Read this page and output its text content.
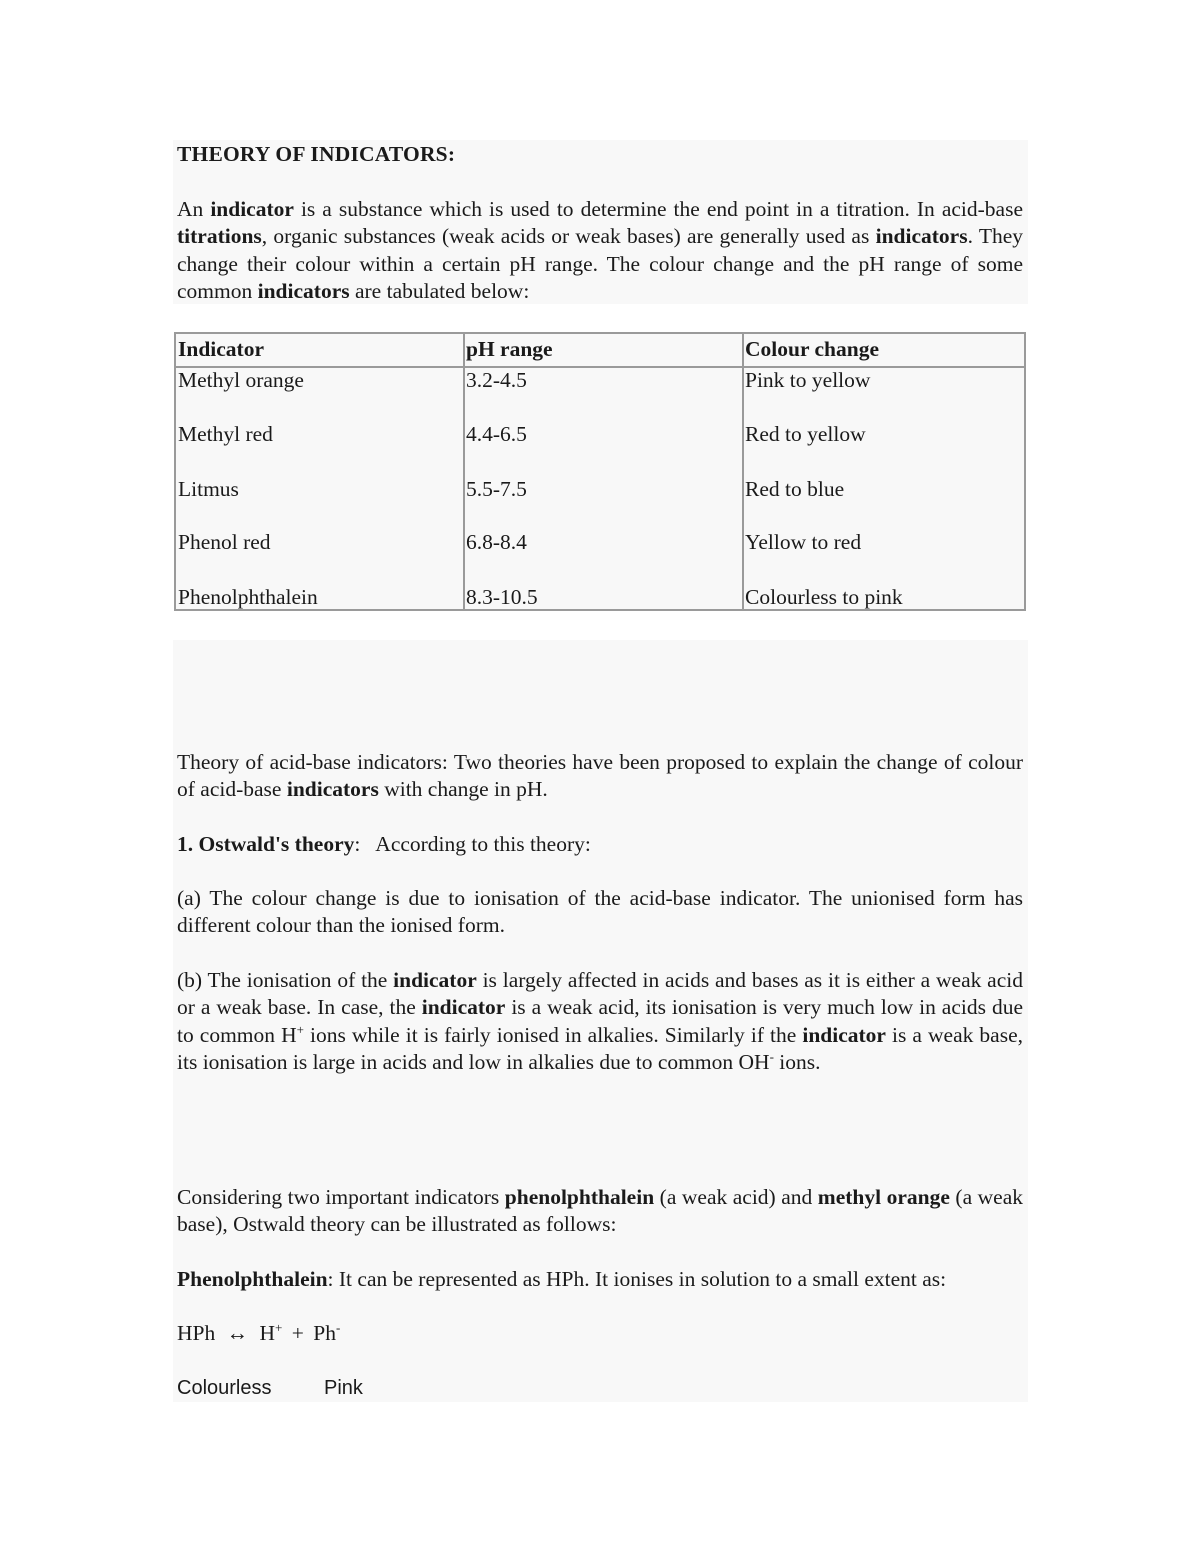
THEORY OF INDICATORS:
An indicator is a substance which is used to determine the end point in a titration. In acid-base titrations, organic substances (weak acids or weak bases) are generally used as indicators. They change their colour within a certain pH range. The colour change and the pH range of some common indicators are tabulated below:
Indicator	pH range	Colour change
Methyl orange	3.2-4.5	Pink to yellow
Methyl red	4.4-6.5	Red to yellow
Litmus	5.5-7.5	Red to blue
Phenol red	6.8-8.4	Yellow to red
Phenolphthalein	8.3-10.5	Colourless to pink
Theory of acid-base indicators: Two theories have been proposed to explain the change of colour of acid-base indicators with change in pH.
1. Ostwald's theory:   According to this theory:
(a) The colour change is due to ionisation of the acid-base indicator. The unionised form has different colour than the ionised form.
(b) The ionisation of the indicator is largely affected in acids and bases as it is either a weak acid or a weak base. In case, the indicator is a weak acid, its ionisation is very much low in acids due to common H+ ions while it is fairly ionised in alkalies. Similarly if the indicator is a weak base, its ionisation is large in acids and low in alkalies due to common OH- ions.
Considering two important indicators phenolphthalein (a weak acid) and methyl orange (a weak base), Ostwald theory can be illustrated as follows:
Phenolphthalein: It can be represented as HPh. It ionises in solution to a small extent as:
HPh ↔ H+ + Ph-
Colourless	Pink
